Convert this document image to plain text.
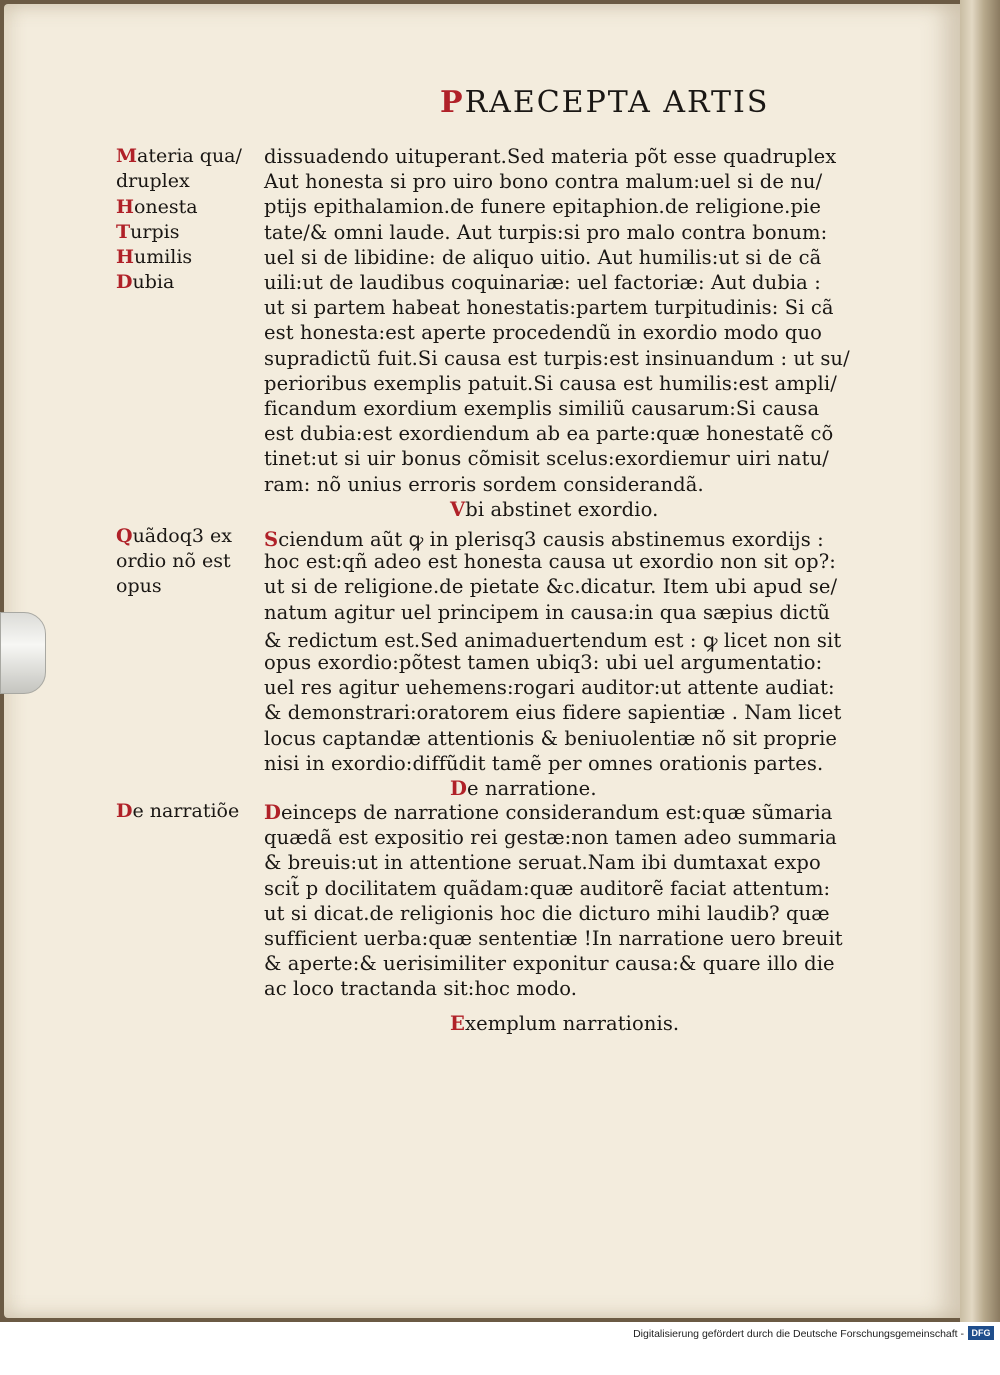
PRAECEPTA ARTIS
Materia qua/
druplex
Honesta
Turpis
Humilis
Dubia
Quãdoq3 ex
ordio nõ est
opus
De narratiõe
dissuadendo uituperant.Sed materia põt esse quadruplex
Aut honesta si pro uiro bono contra malum:uel si de nu/
ptijs epithalamion.de funere epitaphion.de religione.pie
tate/& omni laude. Aut turpis:si pro malo contra bonum:
uel si de libidine: de aliquo uitio. Aut humilis:ut si de cã
uili:ut de laudibus coquinariæ: uel factoriæ: Aut dubia :
ut si partem habeat honestatis:partem turpitudinis: Si cã
est honesta:est aperte procedendũ in exordio modo quo
supradictũ fuit.Si causa est turpis:est insinuandum : ut su/
perioribus exemplis patuit.Si causa est humilis:est ampli/
ficandum exordium exemplis similiũ causarum:Si causa
est dubia:est exordiendum ab ea parte:quæ honestatẽ cõ
tinet:ut si uir bonus cõmisit scelus:exordiemur uiri natu/
ram: nõ unius erroris sordem considerandã.
Vbi abstinet exordio.
Sciendum aũt ꝙ in plerisq3 causis abstinemus exordijs :
hoc est:qñ adeo est honesta causa ut exordio non sit op?:
ut si de religione.de pietate &c.dicatur. Item ubi apud se/
natum agitur uel principem in causa:in qua sæpius dictũ
& redictum est.Sed animaduertendum est : ꝙ licet non sit
opus exordio:põtest tamen ubiq3: ubi uel argumentatio:
uel res agitur uehemens:rogari auditor:ut attente audiat:
& demonstrari:oratorem eius fidere sapientiæ . Nam licet
locus captandæ attentionis & beniuolentiæ nõ sit proprie
nisi in exordio:diffũdit tamẽ per omnes orationis partes.
De narratione.
Deinceps de narratione considerandum est:quæ sũmaria
quædã est expositio rei gestæ:non tamen adeo summaria
& breuis:ut in attentione seruat.Nam ibi dumtaxat expo
scit̃ p docilitatem quãdam:quæ auditorẽ faciat attentum:
ut si dicat.de religionis hoc die dicturo mihi laudib? quæ
sufficient uerba:quæ sententiæ !In narratione uero breuit
& aperte:& uerisimiliter exponitur causa:& quare illo die
ac loco tractanda sit:hoc modo.
Exemplum narrationis.
Digitalisierung gefördert durch die Deutsche Forschungsgemeinschaft - DFG
